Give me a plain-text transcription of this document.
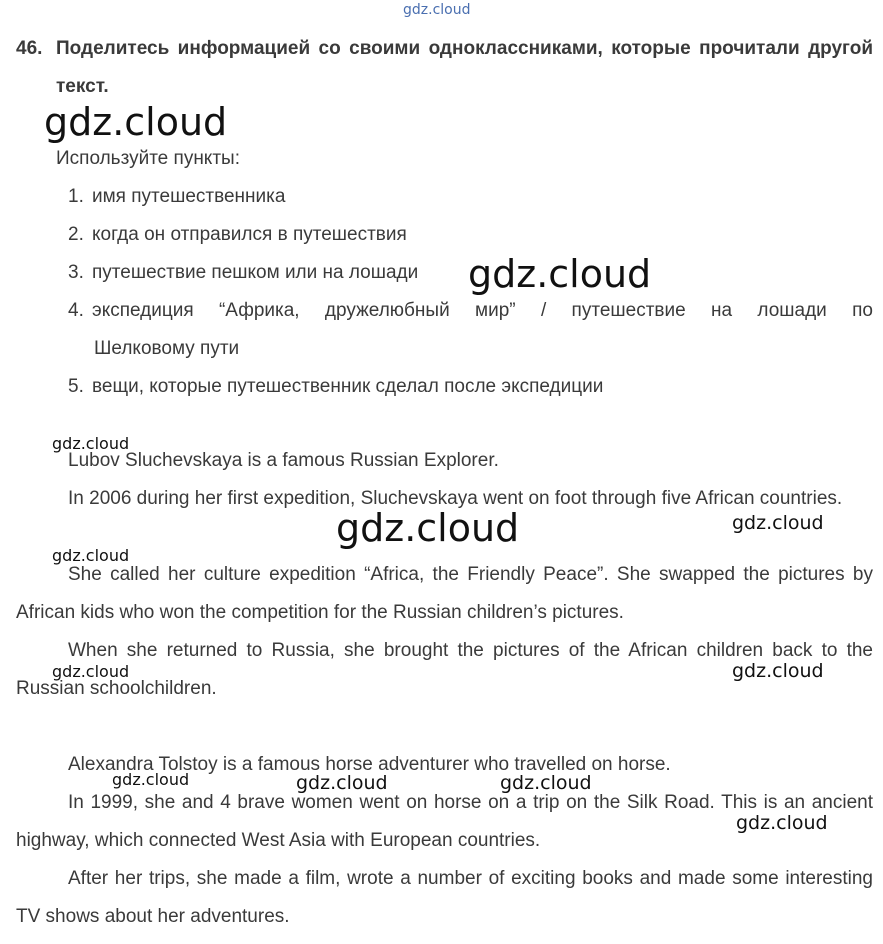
46. Поделитесь информацией со своими одноклассниками, которые прочитали другой текст.
Используйте пункты:
1. имя путешественника
2. когда он отправился в путешествия
3. путешествие пешком или на лошади
4. экспедиция “Африка, дружелюбный мир” / путешествие на лошади по
Шелковому пути
5. вещи, которые путешественник сделал после экспедиции
Lubov Sluchevskaya is a famous Russian Explorer.
In 2006 during her first expedition, Sluchevskaya went on foot through five African countries.
She called her culture expedition “Africa, the Friendly Peace”. She swapped the pictures by African kids who won the competition for the Russian children’s pictures.
When she returned to Russia, she brought the pictures of the African children back to the Russian schoolchildren.
Alexandra Tolstoy is a famous horse adventurer who travelled on horse.
In 1999, she and 4 brave women went on horse on a trip on the Silk Road. This is an ancient highway, which connected West Asia with European countries.
After her trips, she made a film, wrote a number of exciting books and made some interesting TV shows about her adventures.
gdz.cloud
gdz.cloud
gdz.cloud
gdz.cloud
gdz.cloud	gdz.cloud
gdz.cloud
gdz.cloud	gdz.cloud
gdz.cloud	gdz.cloud	gdz.cloud
gdz.cloud
